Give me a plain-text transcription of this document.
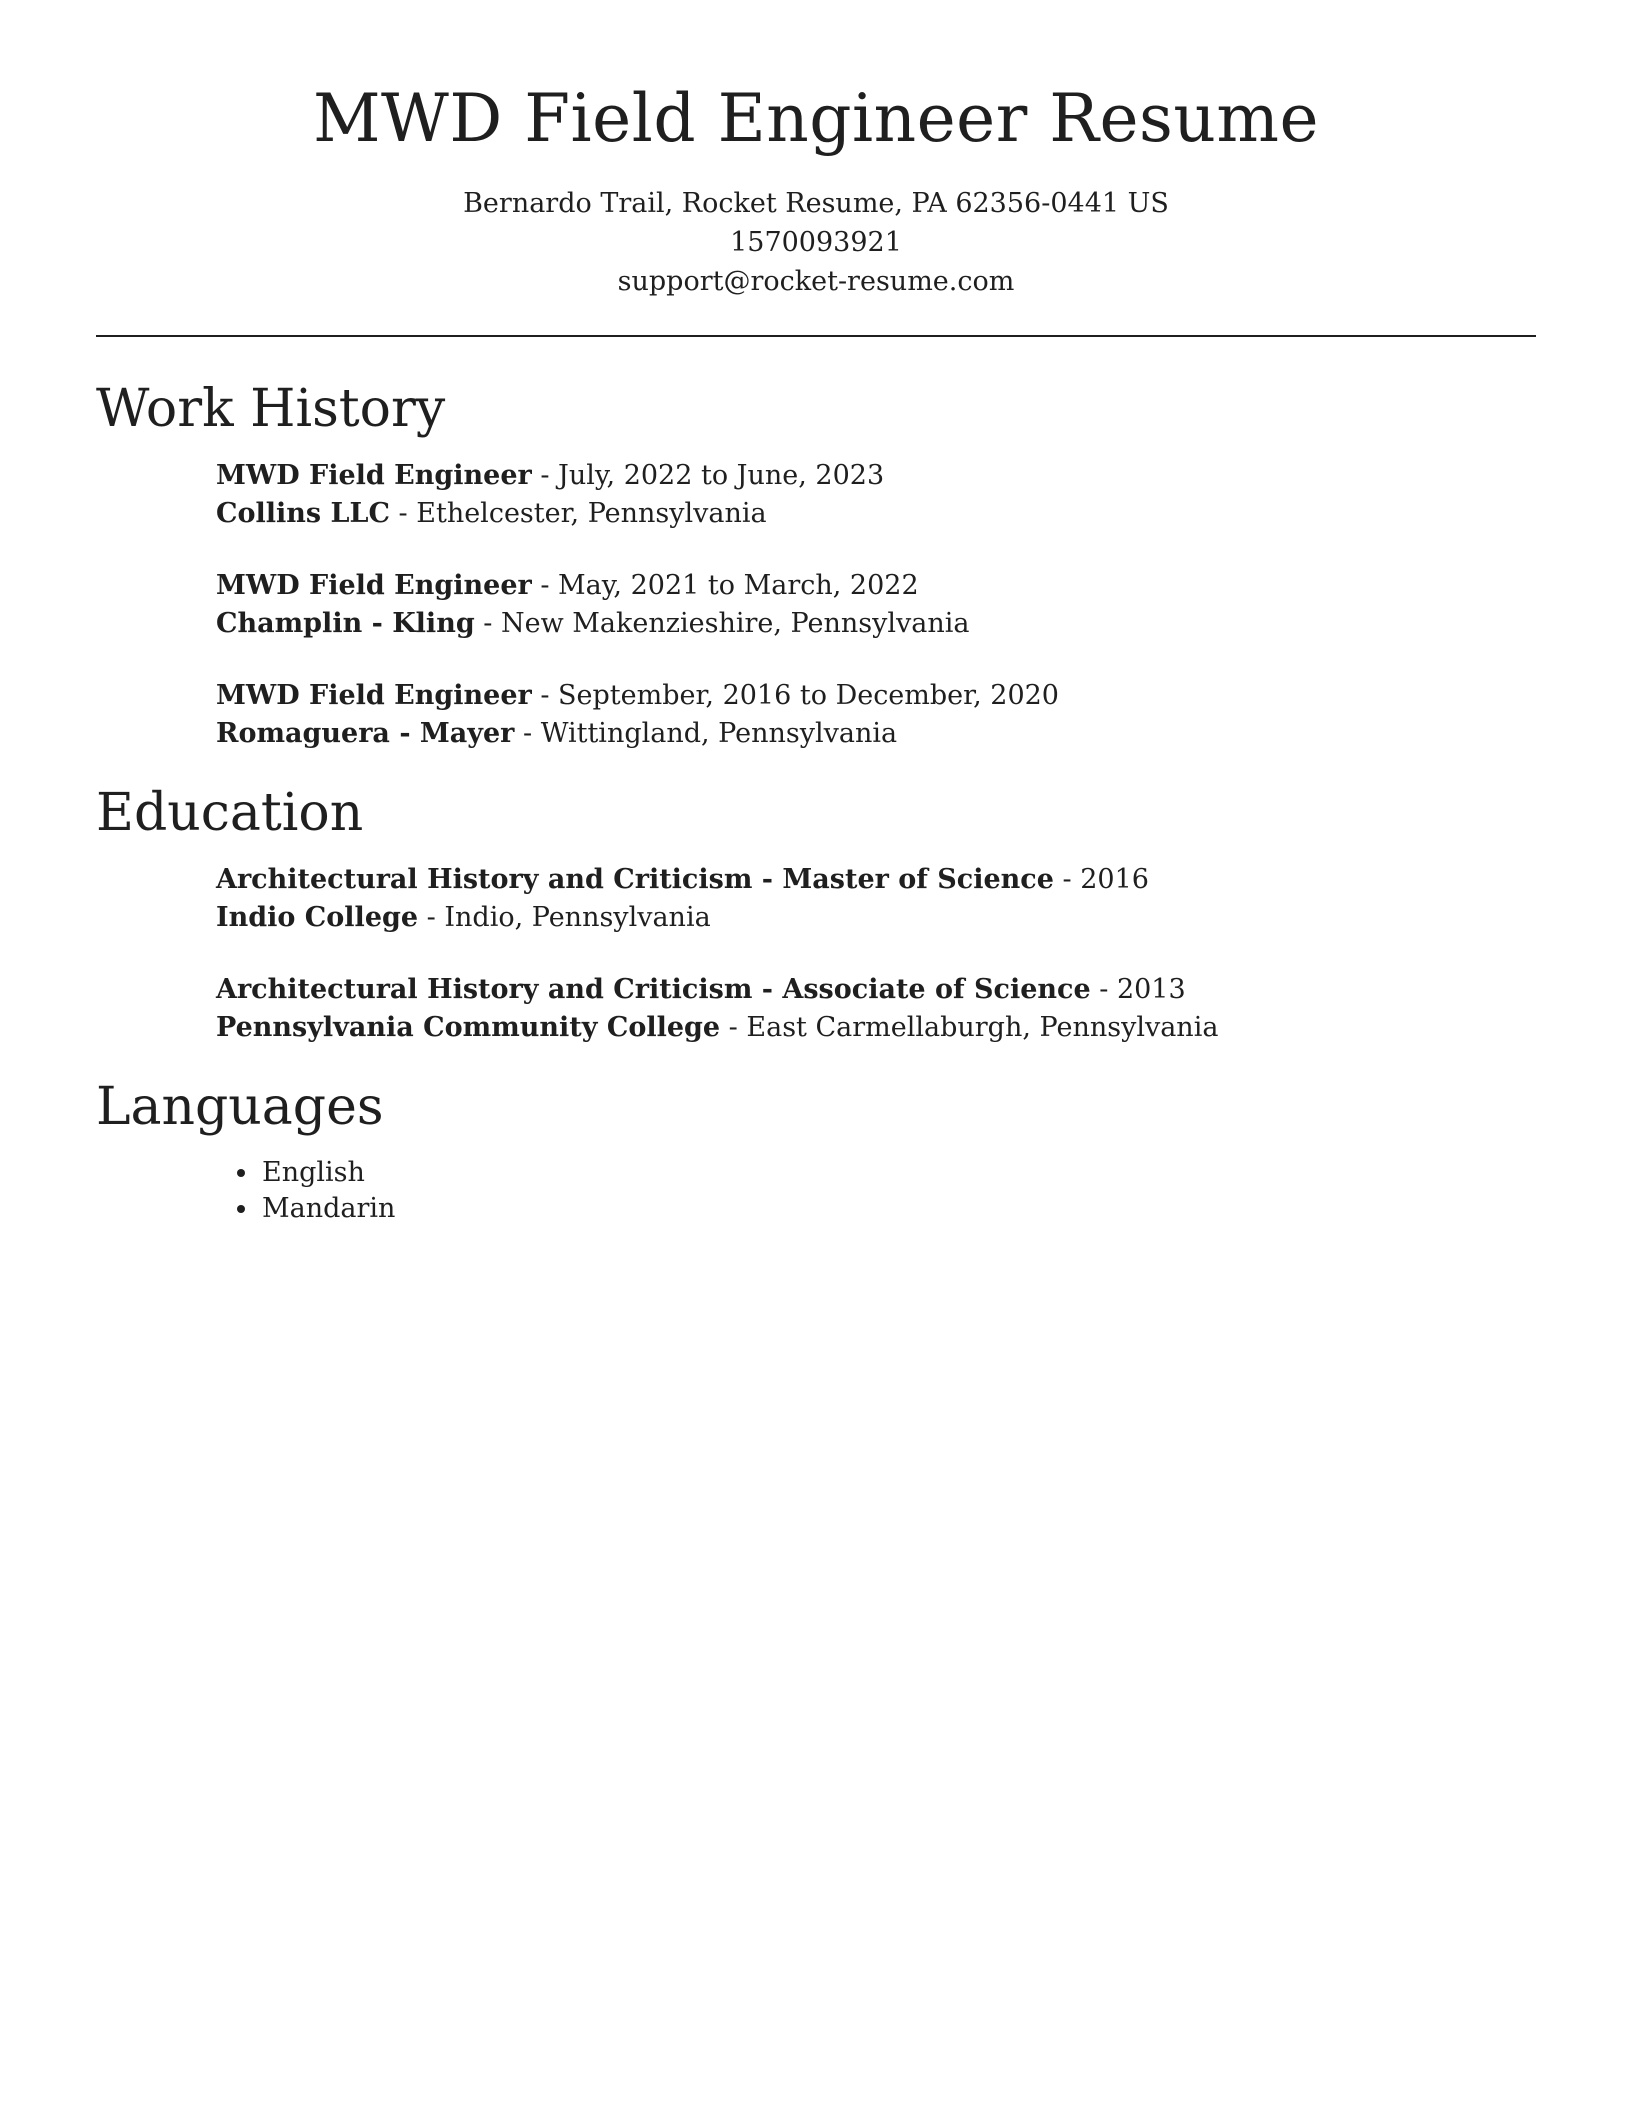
MWD Field Engineer Resume
Bernardo Trail, Rocket Resume, PA 62356-0441 US
1570093921
support@rocket-resume.com
Work History
MWD Field Engineer - July, 2022 to June, 2023
Collins LLC - Ethelcester, Pennsylvania
MWD Field Engineer - May, 2021 to March, 2022
Champlin - Kling - New Makenzieshire, Pennsylvania
MWD Field Engineer - September, 2016 to December, 2020
Romaguera - Mayer - Wittingland, Pennsylvania
Education
Architectural History and Criticism - Master of Science - 2016
Indio College - Indio, Pennsylvania
Architectural History and Criticism - Associate of Science - 2013
Pennsylvania Community College - East Carmellaburgh, Pennsylvania
Languages
• English
• Mandarin
